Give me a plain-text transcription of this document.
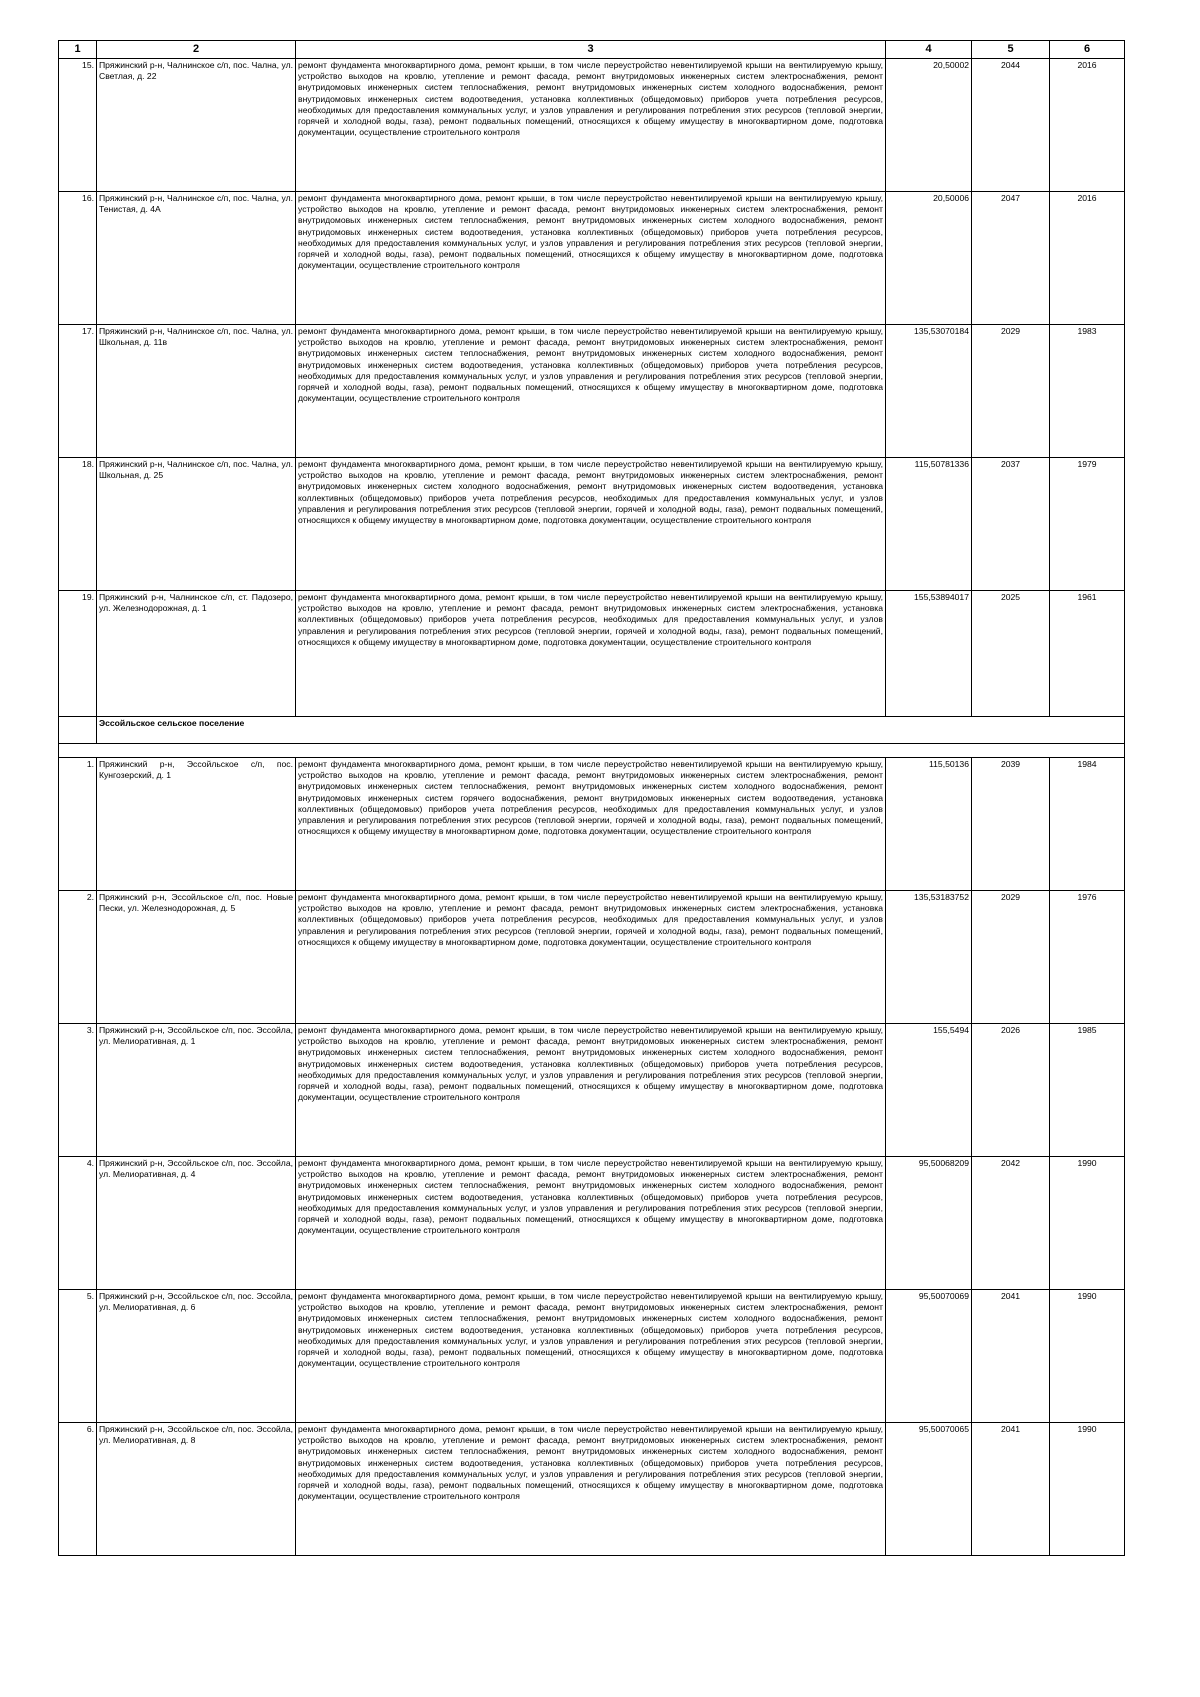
1	2	3	4	5	6
15.	Пряжинский р-н, Чалнинское с/п, пос. Чална, ул. Светлая, д. 22	ремонт фундамента многоквартирного дома, ремонт крыши, в том числе переустройство невентилируемой крыши на вентилируемую крышу, устройство выходов на кровлю, утепление и ремонт фасада, ремонт внутридомовых инженерных систем электроснабжения, ремонт внутридомовых инженерных систем теплоснабжения, ремонт внутридомовых инженерных систем холодного водоснабжения, ремонт внутридомовых инженерных систем водоотведения, установка коллективных (общедомовых) приборов учета потребления ресурсов, необходимых для предоставления коммунальных услуг, и узлов управления и регулирования потребления этих ресурсов (тепловой энергии, горячей и холодной воды, газа), ремонт подвальных помещений, относящихся к общему имуществу в многоквартирном доме, подготовка документации, осуществление строительного контроля	20,50002	2044	2016
16.	Пряжинский р-н, Чалнинское с/п, пос. Чална, ул. Тенистая, д. 4А	ремонт фундамента многоквартирного дома, ремонт крыши, в том числе переустройство невентилируемой крыши на вентилируемую крышу, устройство выходов на кровлю, утепление и ремонт фасада, ремонт внутридомовых инженерных систем электроснабжения, ремонт внутридомовых инженерных систем теплоснабжения, ремонт внутридомовых инженерных систем холодного водоснабжения, ремонт внутридомовых инженерных систем водоотведения, установка коллективных (общедомовых) приборов учета потребления ресурсов, необходимых для предоставления коммунальных услуг, и узлов управления и регулирования потребления этих ресурсов (тепловой энергии, горячей и холодной воды, газа), ремонт подвальных помещений, относящихся к общему имуществу в многоквартирном доме, подготовка документации, осуществление строительного контроля	20,50006	2047	2016
17.	Пряжинский р-н, Чалнинское с/п, пос. Чална, ул. Школьная, д. 11в	ремонт фундамента многоквартирного дома, ремонт крыши, в том числе переустройство невентилируемой крыши на вентилируемую крышу, устройство выходов на кровлю, утепление и ремонт фасада, ремонт внутридомовых инженерных систем электроснабжения, ремонт внутридомовых инженерных систем теплоснабжения, ремонт внутридомовых инженерных систем холодного водоснабжения, ремонт внутридомовых инженерных систем водоотведения, установка коллективных (общедомовых) приборов учета потребления ресурсов, необходимых для предоставления коммунальных услуг, и узлов управления и регулирования потребления этих ресурсов (тепловой энергии, горячей и холодной воды, газа), ремонт подвальных помещений, относящихся к общему имуществу в многоквартирном доме, подготовка документации, осуществление строительного контроля	135,53070184	2029	1983
18.	Пряжинский р-н, Чалнинское с/п, пос. Чална, ул. Школьная, д. 25	ремонт фундамента многоквартирного дома, ремонт крыши, в том числе переустройство невентилируемой крыши на вентилируемую крышу, устройство выходов на кровлю, утепление и ремонт фасада, ремонт внутридомовых инженерных систем электроснабжения, ремонт внутридомовых инженерных систем холодного водоснабжения, ремонт внутридомовых инженерных систем водоотведения, установка коллективных (общедомовых) приборов учета потребления ресурсов, необходимых для предоставления коммунальных услуг, и узлов управления и регулирования потребления этих ресурсов (тепловой энергии, горячей и холодной воды, газа), ремонт подвальных помещений, относящихся к общему имуществу в многоквартирном доме, подготовка документации, осуществление строительного контроля	115,50781336	2037	1979
19.	Пряжинский р-н, Чалнинское с/п, ст. Падозеро, ул. Железнодорожная, д. 1	ремонт фундамента многоквартирного дома, ремонт крыши, в том числе переустройство невентилируемой крыши на вентилируемую крышу, устройство выходов на кровлю, утепление и ремонт фасада, ремонт внутридомовых инженерных систем электроснабжения, установка коллективных (общедомовых) приборов учета потребления ресурсов, необходимых для предоставления коммунальных услуг, и узлов управления и регулирования потребления этих ресурсов (тепловой энергии, горячей и холодной воды, газа), ремонт подвальных помещений, относящихся к общему имуществу в многоквартирном доме, подготовка документации, осуществление строительного контроля	155,53894017	2025	1961
	Эссойльское сельское поселение				

1.	Пряжинский р-н, Эссойльское с/п, пос. Кунгозерский, д. 1	ремонт фундамента многоквартирного дома, ремонт крыши, в том числе переустройство невентилируемой крыши на вентилируемую крышу, устройство выходов на кровлю, утепление и ремонт фасада, ремонт внутридомовых инженерных систем электроснабжения, ремонт внутридомовых инженерных систем теплоснабжения, ремонт внутридомовых инженерных систем холодного водоснабжения, ремонт внутридомовых инженерных систем горячего водоснабжения, ремонт внутридомовых инженерных систем водоотведения, установка коллективных (общедомовых) приборов учета потребления ресурсов, необходимых для предоставления коммунальных услуг, и узлов управления и регулирования потребления этих ресурсов (тепловой энергии, горячей и холодной воды, газа), ремонт подвальных помещений, относящихся к общему имуществу в многоквартирном доме, подготовка документации, осуществление строительного контроля	115,50136	2039	1984
2.	Пряжинский р-н, Эссойльское с/п, пос. Новые Пески, ул. Железнодорожная, д. 5	ремонт фундамента многоквартирного дома, ремонт крыши, в том числе переустройство невентилируемой крыши на вентилируемую крышу, устройство выходов на кровлю, утепление и ремонт фасада, ремонт внутридомовых инженерных систем электроснабжения, установка коллективных (общедомовых) приборов учета потребления ресурсов, необходимых для предоставления коммунальных услуг, и узлов управления и регулирования потребления этих ресурсов (тепловой энергии, горячей и холодной воды, газа), ремонт подвальных помещений, относящихся к общему имуществу в многоквартирном доме, подготовка документации, осуществление строительного контроля	135,53183752	2029	1976
3.	Пряжинский р-н, Эссойльское с/п, пос. Эссойла, ул. Мелиоративная, д. 1	ремонт фундамента многоквартирного дома, ремонт крыши, в том числе переустройство невентилируемой крыши на вентилируемую крышу, устройство выходов на кровлю, утепление и ремонт фасада, ремонт внутридомовых инженерных систем электроснабжения, ремонт внутридомовых инженерных систем теплоснабжения, ремонт внутридомовых инженерных систем холодного водоснабжения, ремонт внутридомовых инженерных систем водоотведения, установка коллективных (общедомовых) приборов учета потребления ресурсов, необходимых для предоставления коммунальных услуг, и узлов управления и регулирования потребления этих ресурсов (тепловой энергии, горячей и холодной воды, газа), ремонт подвальных помещений, относящихся к общему имуществу в многоквартирном доме, подготовка документации, осуществление строительного контроля	155,5494	2026	1985
4.	Пряжинский р-н, Эссойльское с/п, пос. Эссойла, ул. Мелиоративная, д. 4	ремонт фундамента многоквартирного дома, ремонт крыши, в том числе переустройство невентилируемой крыши на вентилируемую крышу, устройство выходов на кровлю, утепление и ремонт фасада, ремонт внутридомовых инженерных систем электроснабжения, ремонт внутридомовых инженерных систем теплоснабжения, ремонт внутридомовых инженерных систем холодного водоснабжения, ремонт внутридомовых инженерных систем водоотведения, установка коллективных (общедомовых) приборов учета потребления ресурсов, необходимых для предоставления коммунальных услуг, и узлов управления и регулирования потребления этих ресурсов (тепловой энергии, горячей и холодной воды, газа), ремонт подвальных помещений, относящихся к общему имуществу в многоквартирном доме, подготовка документации, осуществление строительного контроля	95,50068209	2042	1990
5.	Пряжинский р-н, Эссойльское с/п, пос. Эссойла, ул. Мелиоративная, д. 6	ремонт фундамента многоквартирного дома, ремонт крыши, в том числе переустройство невентилируемой крыши на вентилируемую крышу, устройство выходов на кровлю, утепление и ремонт фасада, ремонт внутридомовых инженерных систем электроснабжения, ремонт внутридомовых инженерных систем теплоснабжения, ремонт внутридомовых инженерных систем холодного водоснабжения, ремонт внутридомовых инженерных систем водоотведения, установка коллективных (общедомовых) приборов учета потребления ресурсов, необходимых для предоставления коммунальных услуг, и узлов управления и регулирования потребления этих ресурсов (тепловой энергии, горячей и холодной воды, газа), ремонт подвальных помещений, относящихся к общему имуществу в многоквартирном доме, подготовка документации, осуществление строительного контроля	95,50070069	2041	1990
6.	Пряжинский р-н, Эссойльское с/п, пос. Эссойла, ул. Мелиоративная, д. 8	ремонт фундамента многоквартирного дома, ремонт крыши, в том числе переустройство невентилируемой крыши на вентилируемую крышу, устройство выходов на кровлю, утепление и ремонт фасада, ремонт внутридомовых инженерных систем электроснабжения, ремонт внутридомовых инженерных систем теплоснабжения, ремонт внутридомовых инженерных систем холодного водоснабжения, ремонт внутридомовых инженерных систем водоотведения, установка коллективных (общедомовых) приборов учета потребления ресурсов, необходимых для предоставления коммунальных услуг, и узлов управления и регулирования потребления этих ресурсов (тепловой энергии, горячей и холодной воды, газа), ремонт подвальных помещений, относящихся к общему имуществу в многоквартирном доме, подготовка документации, осуществление строительного контроля	95,50070065	2041	1990
